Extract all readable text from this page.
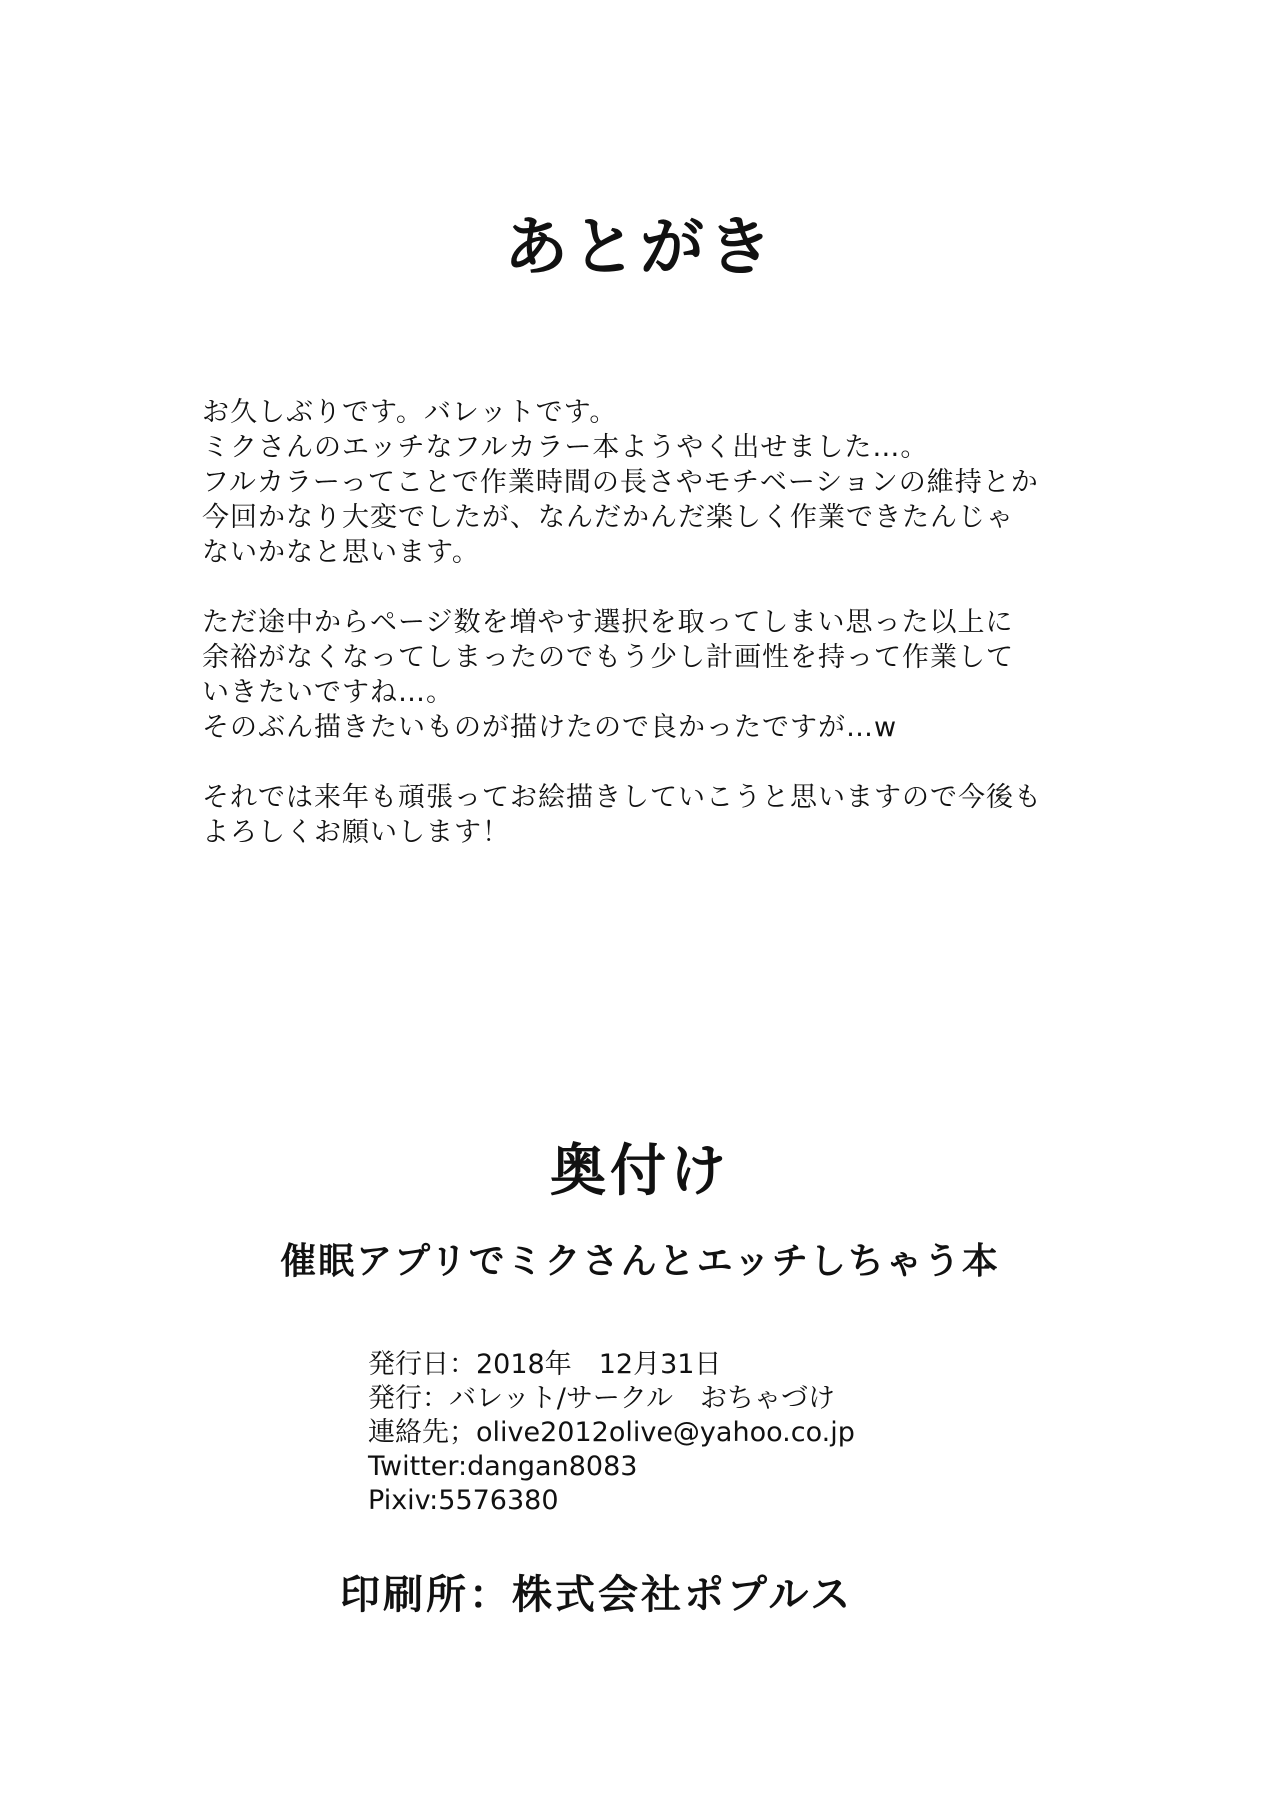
あとがき
お久しぶりです。バレットです。
ミクさんのエッチなフルカラー本ようやく出せました…。
フルカラーってことで作業時間の長さやモチベーションの維持とか
今回かなり大変でしたが、なんだかんだ楽しく作業できたんじゃ
ないかなと思います。
ただ途中からページ数を増やす選択を取ってしまい思った以上に
余裕がなくなってしまったのでもう少し計画性を持って作業して
いきたいですね…。
そのぶん描きたいものが描けたので良かったですが…w
それでは来年も頑張ってお絵描きしていこうと思いますので今後も
よろしくお願いします！
奥付け
催眠アプリでミクさんとエッチしちゃう本
発行日：2018年　12月31日
発行：バレット/サークル　おちゃづけ
連絡先；olive2012olive@yahoo.co.jp
Twitter:dangan8083
Pixiv:5576380
印刷所：株式会社ポプルス
